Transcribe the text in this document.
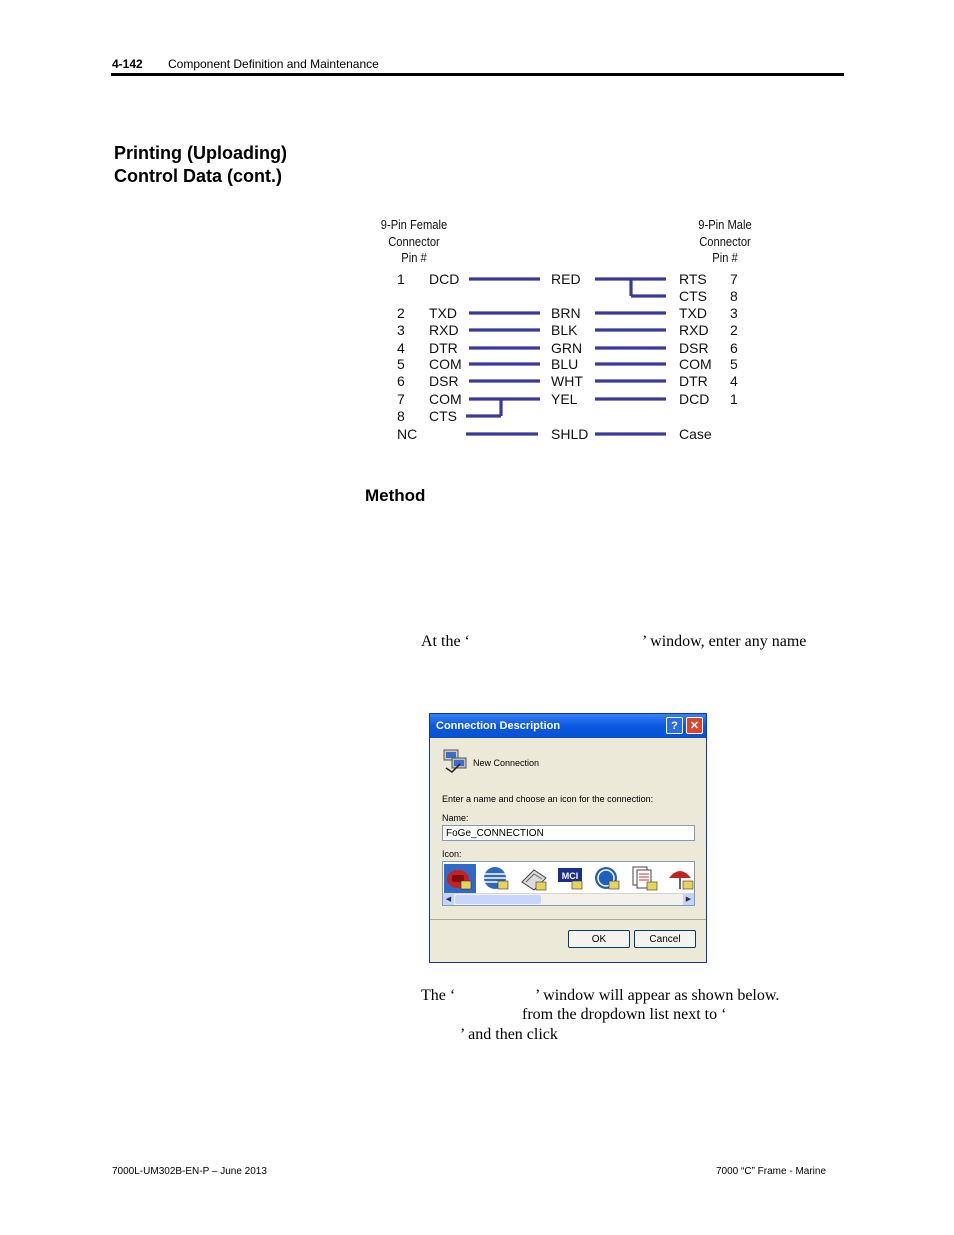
4-142 Component Definition and Maintenance
Printing (Uploading)
Control Data (cont.)
9-Pin Female
Connector
Pin #
9-Pin Male
Connector
Pin #
1 DCD	RED	RTS 7
CTS 8
2 TXD	BRN	TXD 3
3 RXD	BLK	RXD 2
4 DTR	GRN	DSR 6
5 COM	BLU	COM 5
6 DSR	WHT	DTR 4
7 COM	YEL	DCD 1
8 CTS
NC	SHLD	Case
Method
At the ‘	’ window, enter any name
Connection Description	?	✕
New Connection
Enter a name and choose an icon for the connection:
Name:
FoGe_CONNECTION
Icon:
MCI
◀	▶
OK	Cancel
The ‘	’ window will appear as shown below.
from the dropdown list next to ‘
’ and then click
7000L-UM302B-EN-P – June 2013	7000 “C” Frame - Marine
